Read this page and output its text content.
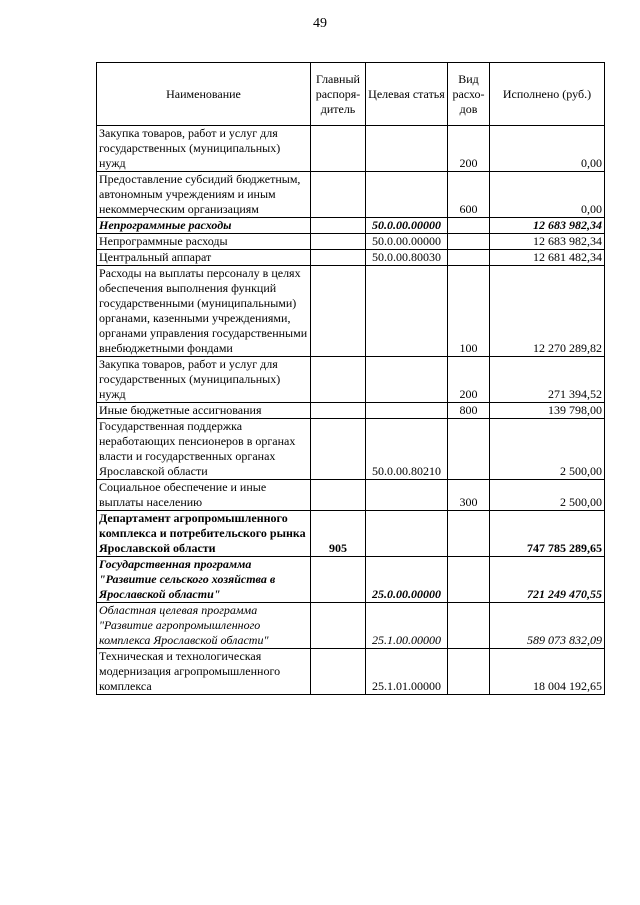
49
Наименование	Главный распоря-дитель	Целевая статья	Вид расхо-дов	Исполнено (руб.)
Закупка товаров, работ и услуг для государственных (муниципальных) нужд			200	0,00
Предоставление субсидий бюджетным, автономным учреждениям и иным некоммерческим организациям			600	0,00
Непрограммные расходы		50.0.00.00000		12 683 982,34
Непрограммные расходы		50.0.00.00000		12 683 982,34
Центральный аппарат		50.0.00.80030		12 681 482,34
Расходы на выплаты персоналу в целях обеспечения выполнения функций государственными (муниципальными) органами, казенными учреждениями, органами управления государственными внебюджетными фондами			100	12 270 289,82
Закупка товаров, работ и услуг для государственных (муниципальных) нужд			200	271 394,52
Иные бюджетные ассигнования			800	139 798,00
Государственная поддержка неработающих пенсионеров в органах власти и государственных органах Ярославской области		50.0.00.80210		2 500,00
Социальное обеспечение и иные выплаты населению			300	2 500,00
Департамент агропромышленного комплекса и потребительского рынка Ярославской области	905			747 785 289,65
Государственная программа "Развитие сельского хозяйства в Ярославской области"		25.0.00.00000		721 249 470,55
Областная целевая программа "Развитие агропромышленного комплекса Ярославской области"		25.1.00.00000		589 073 832,09
Техническая и технологическая модернизация агропромышленного комплекса		25.1.01.00000		18 004 192,65
